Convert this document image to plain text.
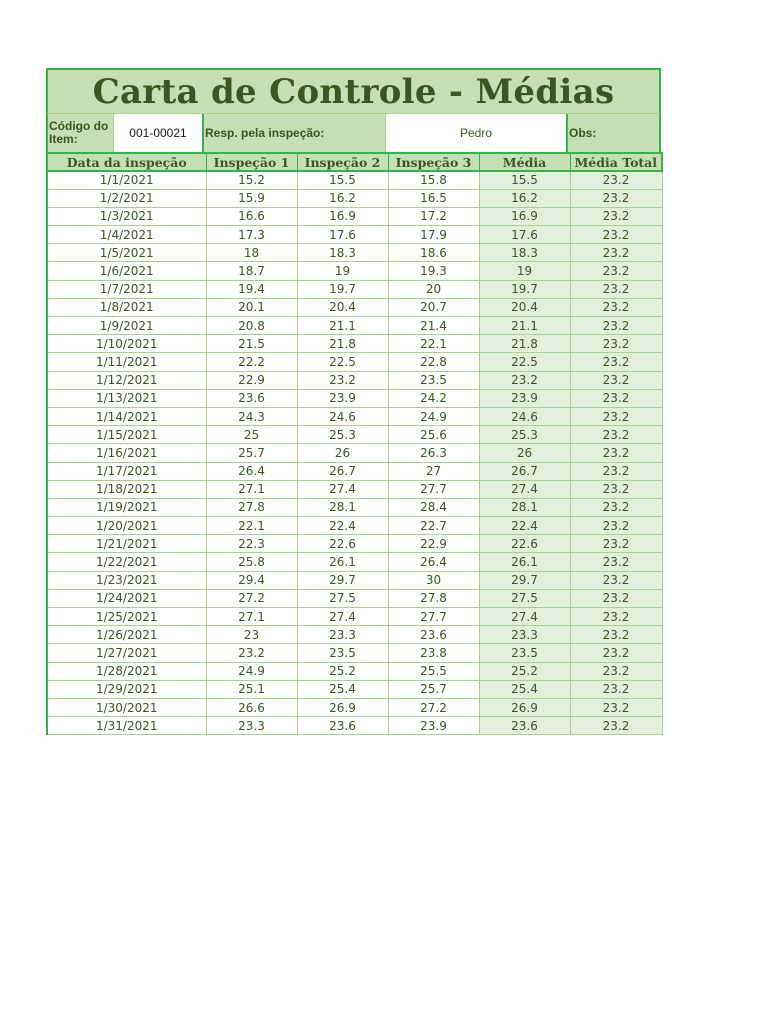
Carta de Controle - Médias
Código do Item:	001-00021	Resp. pela inspeção:	Pedro	Obs:
Data da inspeção	Inspeção 1	Inspeção 2	Inspeção 3	Média	Média Total
1/1/2021	15.2	15.5	15.8	15.5	23.2
1/2/2021	15.9	16.2	16.5	16.2	23.2
1/3/2021	16.6	16.9	17.2	16.9	23.2
1/4/2021	17.3	17.6	17.9	17.6	23.2
1/5/2021	18	18.3	18.6	18.3	23.2
1/6/2021	18.7	19	19.3	19	23.2
1/7/2021	19.4	19.7	20	19.7	23.2
1/8/2021	20.1	20.4	20.7	20.4	23.2
1/9/2021	20.8	21.1	21.4	21.1	23.2
1/10/2021	21.5	21.8	22.1	21.8	23.2
1/11/2021	22.2	22.5	22.8	22.5	23.2
1/12/2021	22.9	23.2	23.5	23.2	23.2
1/13/2021	23.6	23.9	24.2	23.9	23.2
1/14/2021	24.3	24.6	24.9	24.6	23.2
1/15/2021	25	25.3	25.6	25.3	23.2
1/16/2021	25.7	26	26.3	26	23.2
1/17/2021	26.4	26.7	27	26.7	23.2
1/18/2021	27.1	27.4	27.7	27.4	23.2
1/19/2021	27.8	28.1	28.4	28.1	23.2
1/20/2021	22.1	22.4	22.7	22.4	23.2
1/21/2021	22.3	22.6	22.9	22.6	23.2
1/22/2021	25.8	26.1	26.4	26.1	23.2
1/23/2021	29.4	29.7	30	29.7	23.2
1/24/2021	27.2	27.5	27.8	27.5	23.2
1/25/2021	27.1	27.4	27.7	27.4	23.2
1/26/2021	23	23.3	23.6	23.3	23.2
1/27/2021	23.2	23.5	23.8	23.5	23.2
1/28/2021	24.9	25.2	25.5	25.2	23.2
1/29/2021	25.1	25.4	25.7	25.4	23.2
1/30/2021	26.6	26.9	27.2	26.9	23.2
1/31/2021	23.3	23.6	23.9	23.6	23.2
